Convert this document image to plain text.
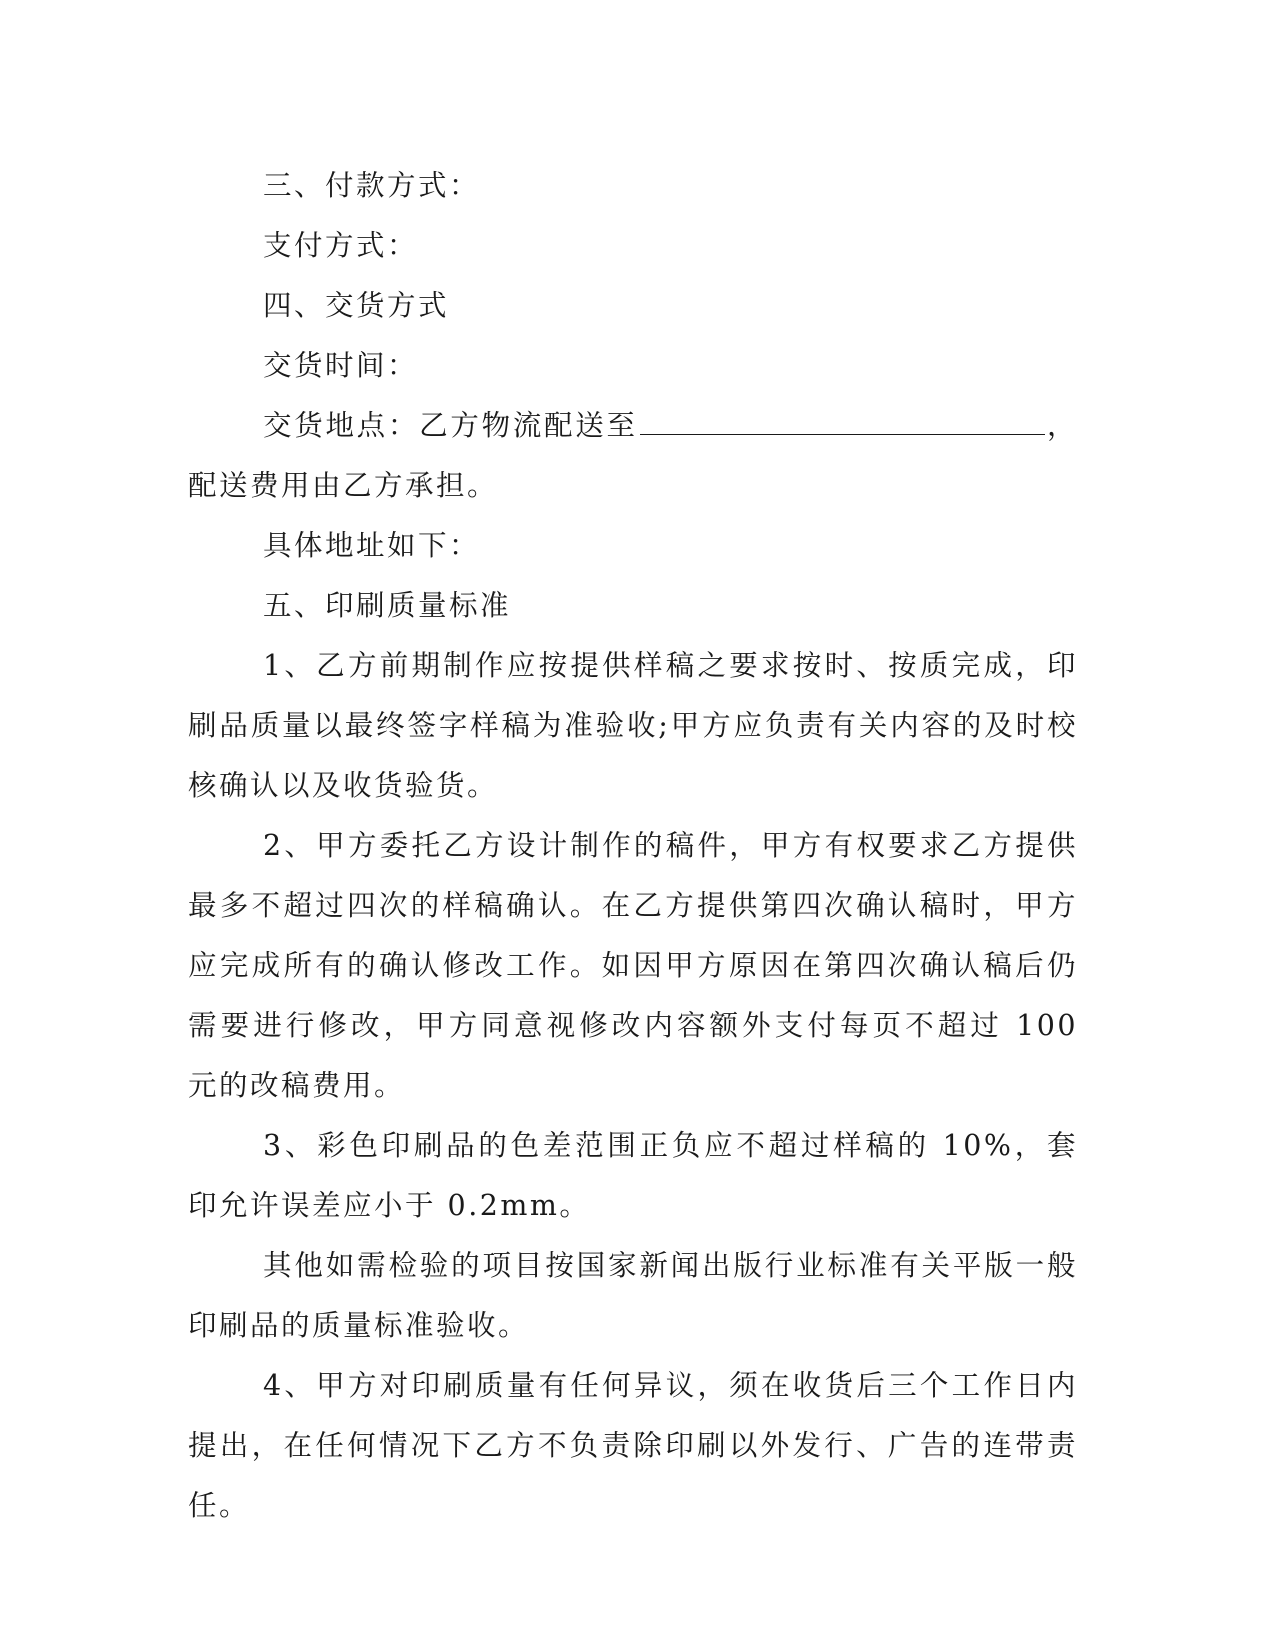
三、付款方式：

支付方式：

四、交货方式

交货时间：

交货地点：乙方物流配送至	，配送费用由乙方承担。

具体地址如下：

五、印刷质量标准

1、乙方前期制作应按提供样稿之要求按时、按质完成，印刷品质量以最终签字样稿为准验收;甲方应负责有关内容的及时校核确认以及收货验货。

2、甲方委托乙方设计制作的稿件，甲方有权要求乙方提供最多不超过四次的样稿确认。在乙方提供第四次确认稿时，甲方应完成所有的确认修改工作。如因甲方原因在第四次确认稿后仍需要进行修改，甲方同意视修改内容额外支付每页不超过 100 元的改稿费用。

3、彩色印刷品的色差范围正负应不超过样稿的 10%，套印允许误差应小于 0.2mm。

其他如需检验的项目按国家新闻出版行业标准有关平版一般印刷品的质量标准验收。

4、甲方对印刷质量有任何异议，须在收货后三个工作日内提出，在任何情况下乙方不负责除印刷以外发行、广告的连带责任。
